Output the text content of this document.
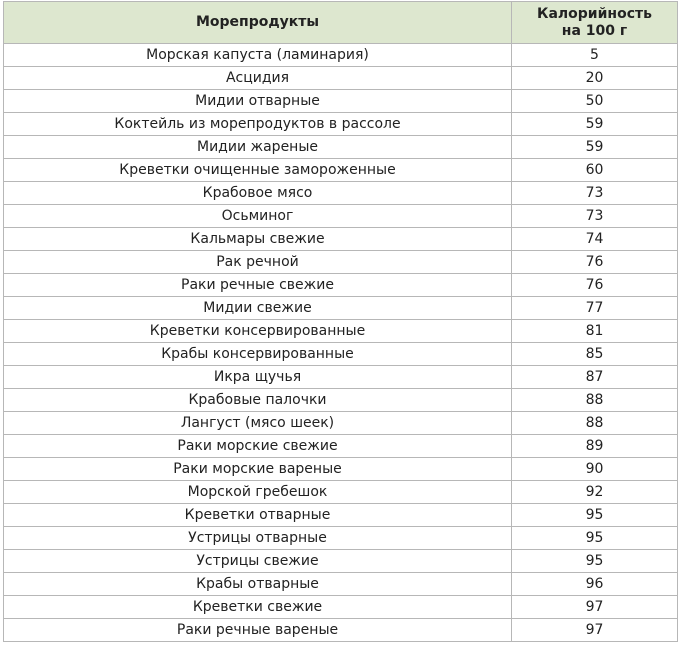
Морепродукты	Калорийность
на 100 г

Морская капуста (ламинария)	5
Асцидия	20
Мидии отварные	50
Коктейль из морепродуктов в рассоле	59
Мидии жареные	59
Креветки очищенные замороженные	60
Крабовое мясо	73
Осьминог	73
Кальмары свежие	74
Рак речной	76
Раки речные свежие	76
Мидии свежие	77
Креветки консервированные	81
Крабы консервированные	85
Икра щучья	87
Крабовые палочки	88
Лангуст (мясо шеек)	88
Раки морские свежие	89
Раки морские вареные	90
Морской гребешок	92
Креветки отварные	95
Устрицы отварные	95
Устрицы свежие	95
Крабы отварные	96
Креветки свежие	97
Раки речные вареные	97
